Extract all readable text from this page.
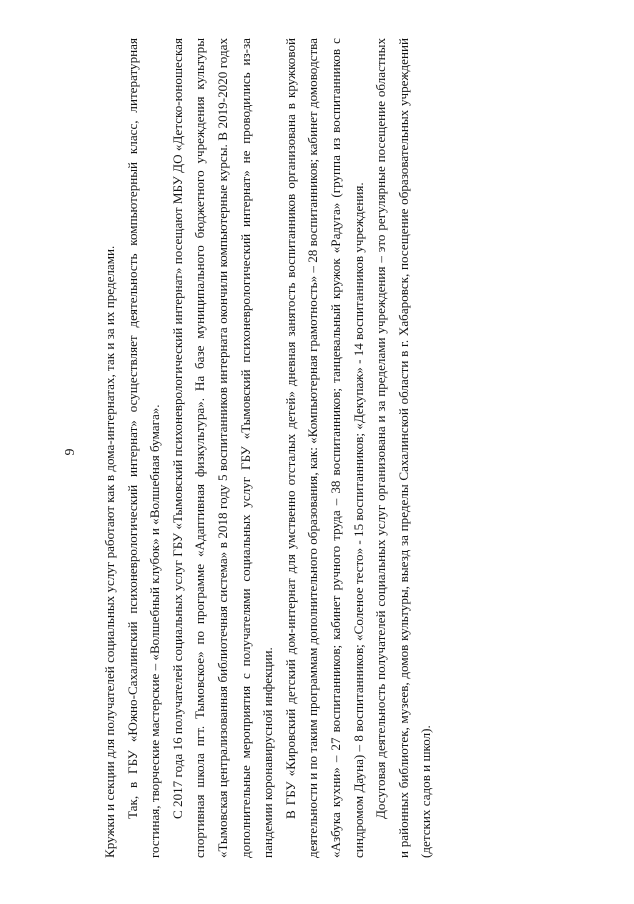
9	Кружки и секции для получателей социальных услуг работают как в дома-интернатах, так и за их пределами. Так, в ГБУ «Южно-Сахалинский психоневрологический интернат» осуществляет деятельность компьютерный класс, литературная гостиная, творческие мастерские – «Волшебный клубок» и «Волшебная бумага». С 2017 года 16 получателей социальных услуг ГБУ «Тымовский психоневрологический интернат» посещают МБУ ДО «Детско-юношеская спортивная школа пгт. Тымовское» по программе «Адаптивная физкультура». На базе муниципального бюджетного учреждения культуры «Тымовская централизованная библиотечная система» в 2018 году 5 воспитанников интерната окончили компьютерные курсы. В 2019-2020 годах дополнительные мероприятия с получателями социальных услуг ГБУ «Тымовский психоневрологический интернат» не проводились из-за пандемии коронавирусной инфекции. В ГБУ «Кировский детский дом-интернат для умственно отсталых детей» дневная занятость воспитанников организована в кружковой деятельности и по таким программам дополнительного образования, как: «Компьютерная грамотность» – 28 воспитанников; кабинет домоводства «Азбука кухни» – 27 воспитанников; кабинет ручного труда – 38 воспитанников; танцевальный кружок «Радуга» (группа из воспитанников с синдромом Дауна) – 8 воспитанников; «Соленое тесто» - 15 воспитанников; «Декупаж» - 14 воспитанников учреждения. Досуговая деятельность получателей социальных услуг организована и за пределами учреждения – это регулярные посещение областных и районных библиотек, музеев, домов культуры, выезд за пределы Сахалинской области в г. Хабаровск, посещение образовательных учреждений (детских садов и школ).
